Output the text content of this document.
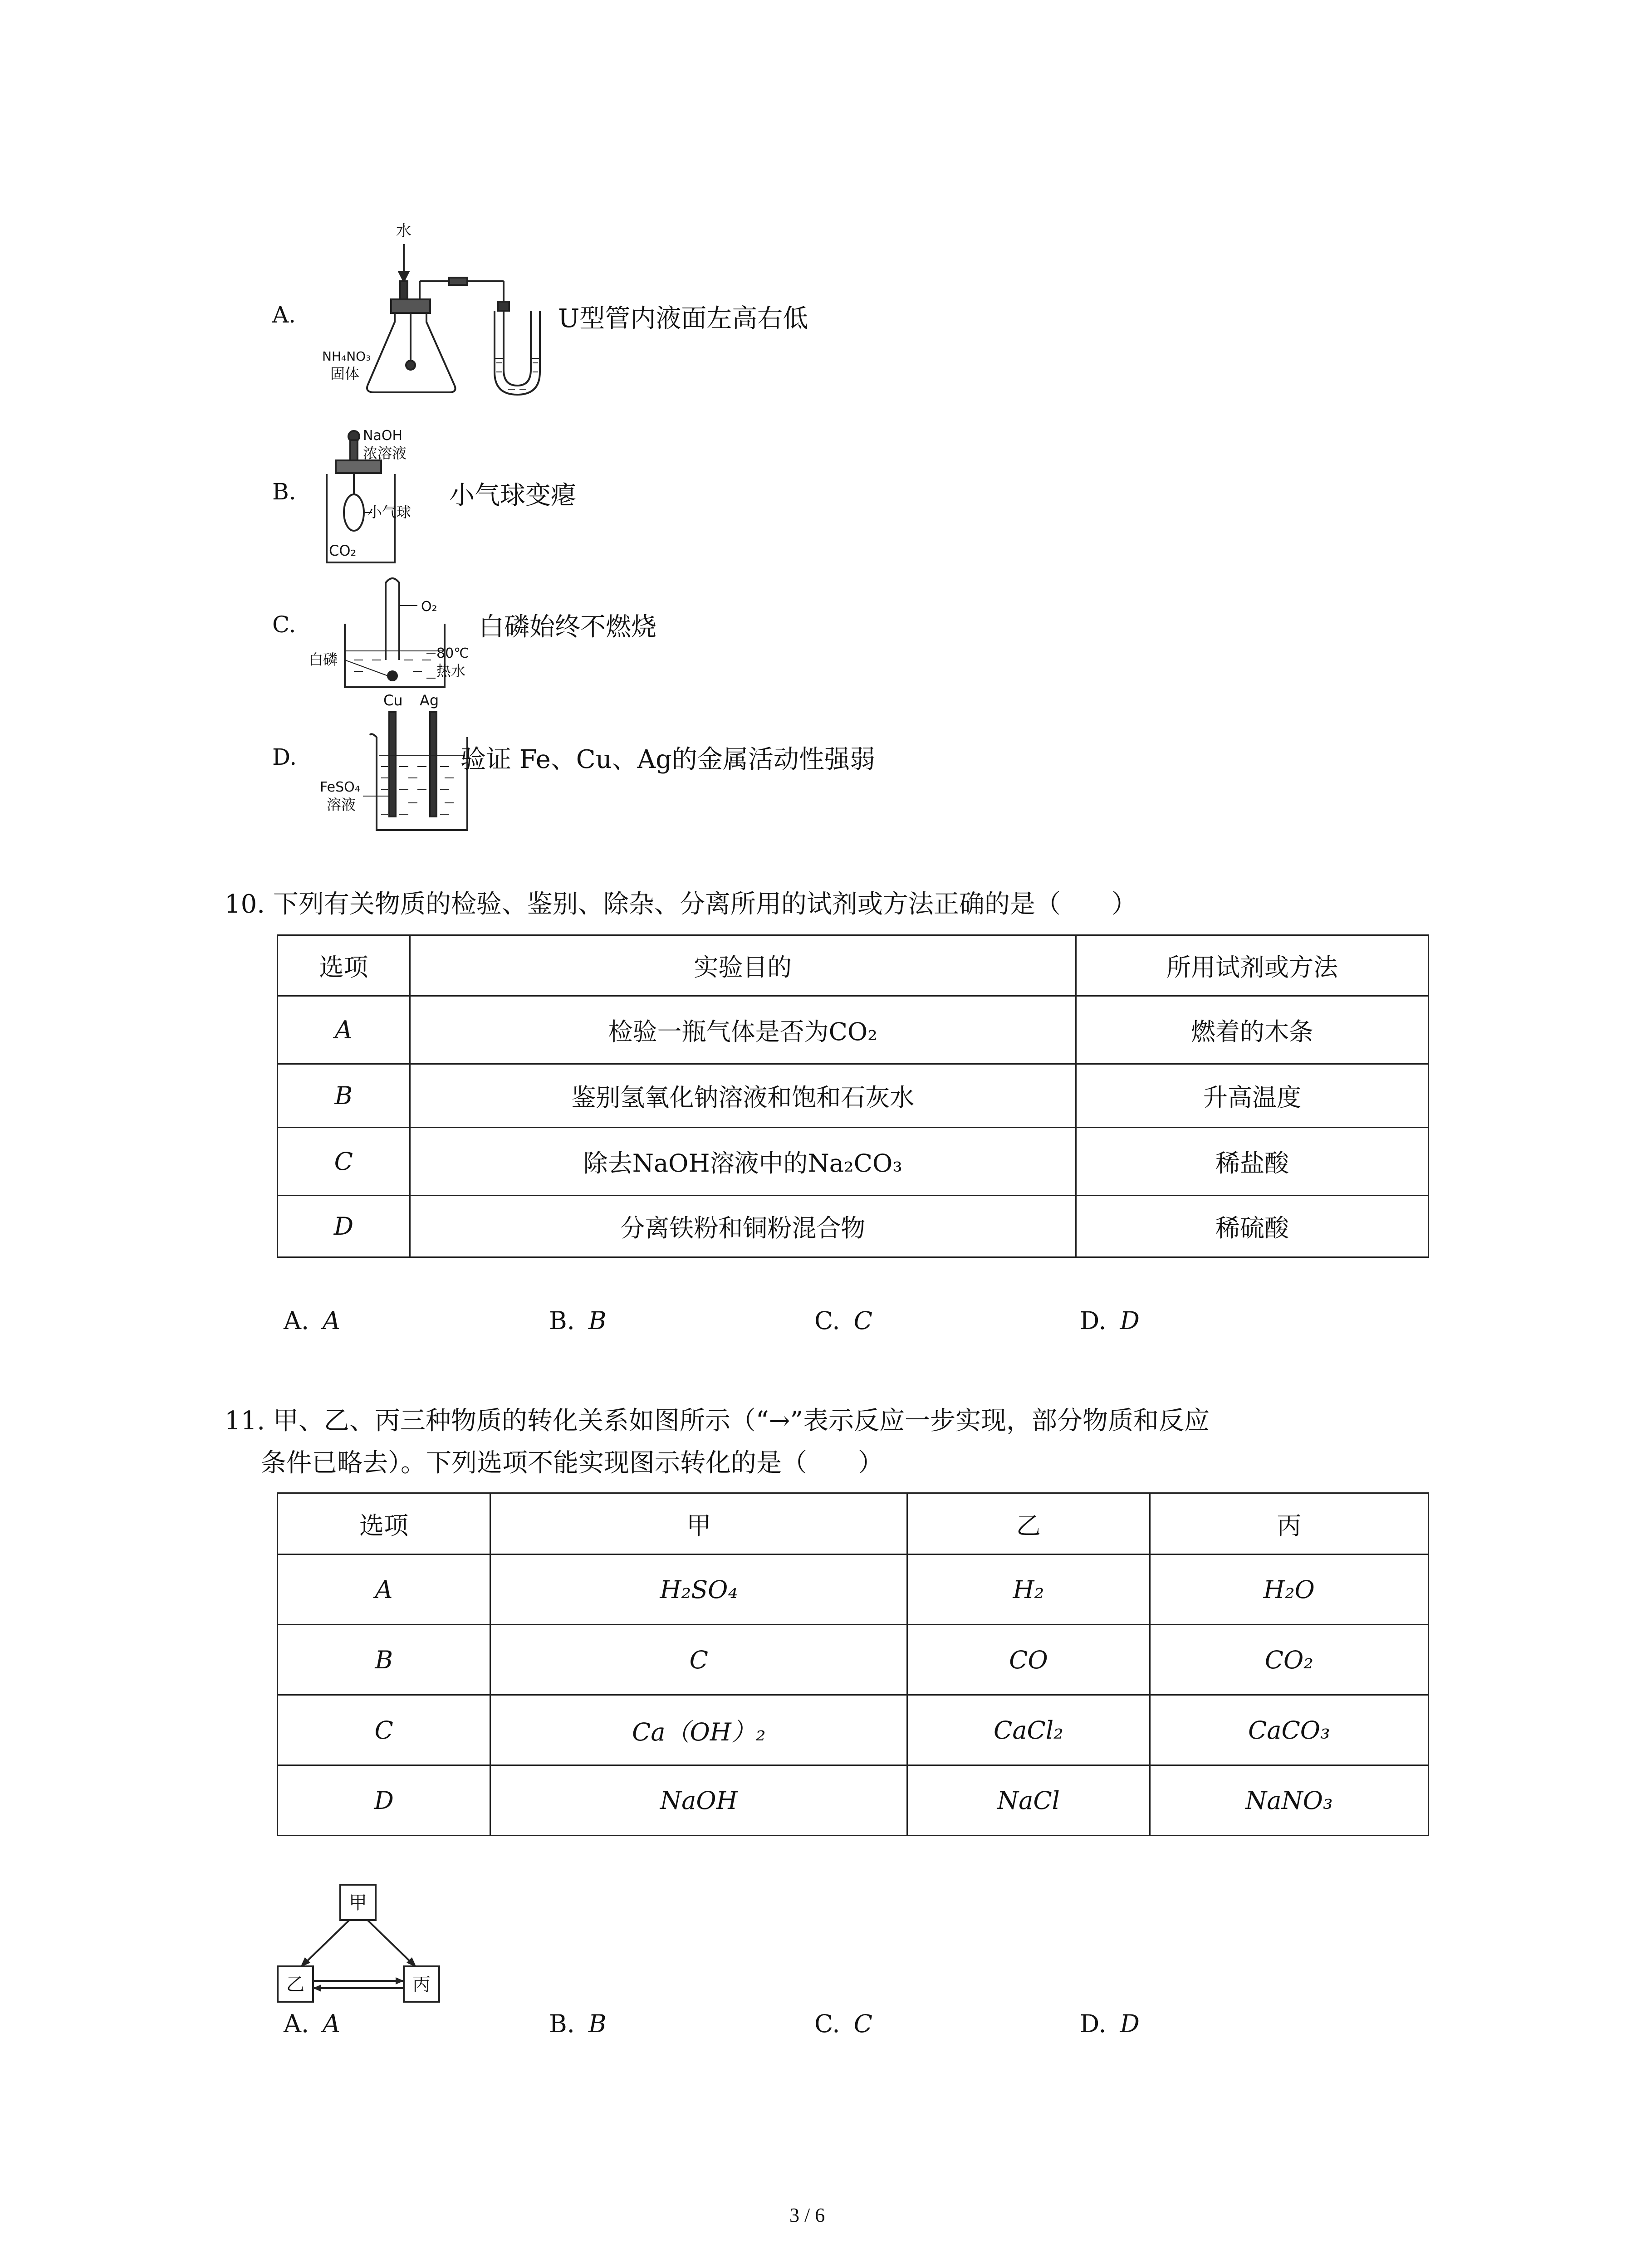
A.
水
NH₄NO₃
固体
U型管内液面左高右低
B.
NaOH
浓溶液
小气球
CO₂
小气球变瘪
C.
O₂
白磷	80℃
热水
白磷始终不燃烧
D.
Cu Ag
FeSO₄
溶液
验证 Fe、Cu、Ag的金属活动性强弱
10. 下列有关物质的检验、鉴别、除杂、分离所用的试剂或方法正确的是（　　）
选项	实验目的	所用试剂或方法
A	检验一瓶气体是否为CO₂	燃着的木条
B	鉴别氢氧化钠溶液和饱和石灰水	升高温度
C	除去NaOH溶液中的Na₂CO₃	稀盐酸
D	分离铁粉和铜粉混合物	稀硫酸
A. A	B. B	C. C	D. D
11. 甲、乙、丙三种物质的转化关系如图所示（“→”表示反应一步实现，部分物质和反应
条件已略去）。下列选项不能实现图示转化的是（　　）
选项	甲	乙	丙
A	H₂SO₄	H₂	H₂O
B	C	CO	CO₂
C	Ca（OH）₂	CaCl₂	CaCO₃
D	NaOH	NaCl	NaNO₃
甲
乙	丙
A. A	B. B	C. C	D. D
3 / 6
